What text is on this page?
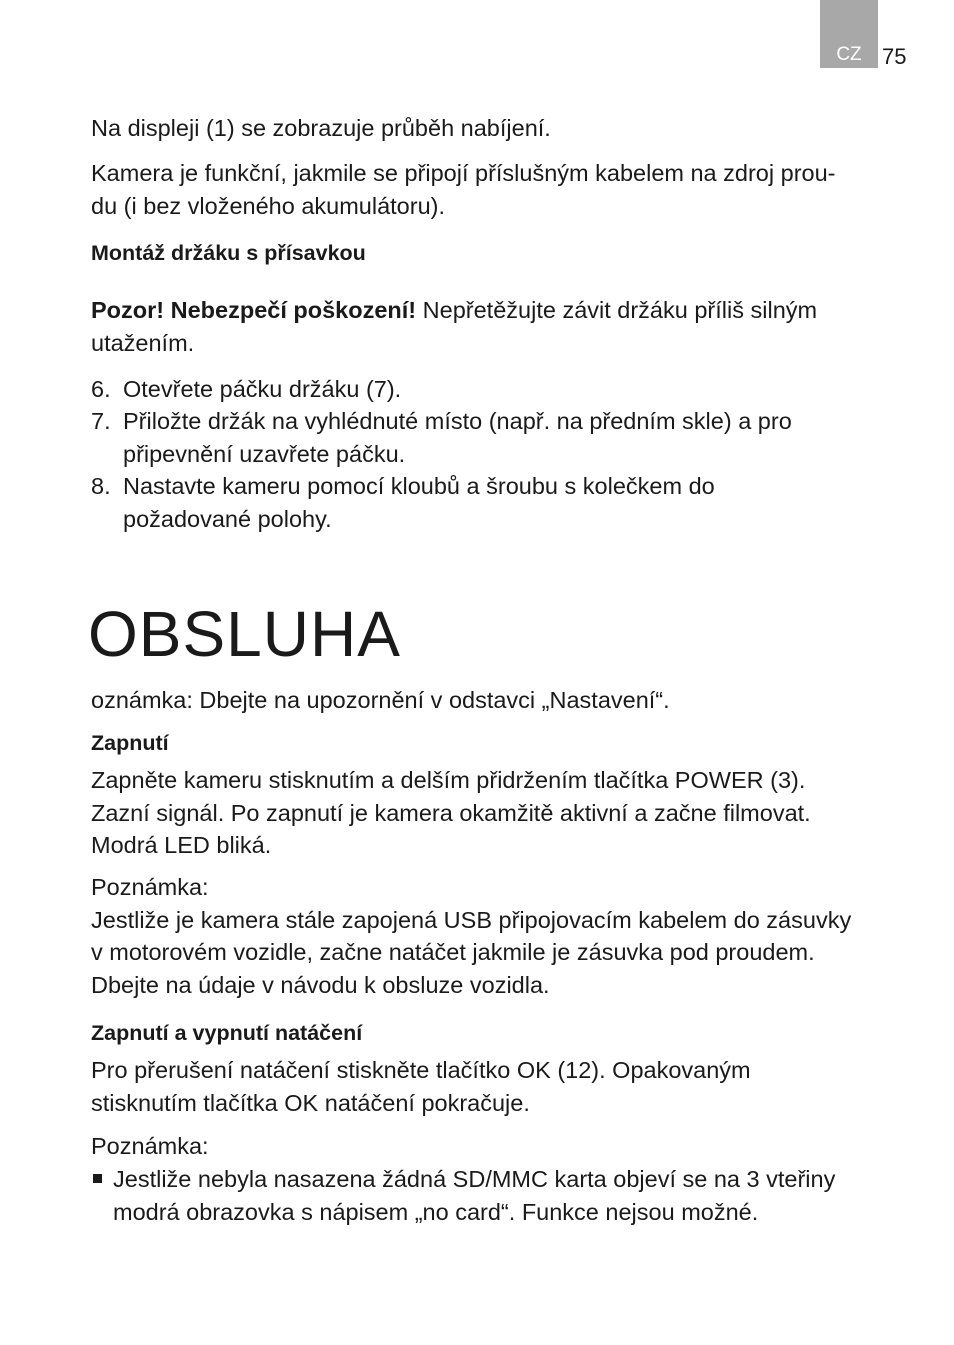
CZ 75

Na displeji (1) se zobrazuje průběh nabíjení.

Kamera je funkční, jakmile se připojí příslušným kabelem na zdroj prou-
du (i bez vloženého akumulátoru).

Montáž držáku s přísavkou

Pozor! Nebezpečí poškození! Nepřetěžujte závit držáku příliš silným
utažením.
6. Otevřete páčku držáku (7).
7. Přiložte držák na vyhlédnuté místo (např. na předním skle) a pro
připevnění uzavřete páčku.
8. Nastavte kameru pomocí kloubů a šroubu s kolečkem do
požadované polohy.
OBSLUHA

oznámka: Dbejte na upozornění v odstavci „Nastavení“.

Zapnutí

Zapněte kameru stisknutím a delším přidržením tlačítka POWER (3).
Zazní signál. Po zapnutí je kamera okamžitě aktivní a začne filmovat.
Modrá LED bliká.
Poznámka:
Jestliže je kamera stále zapojená USB připojovacím kabelem do zásuvky
v motorovém vozidle, začne natáčet jakmile je zásuvka pod proudem.
Dbejte na údaje v návodu k obsluze vozidla.

Zapnutí a vypnutí natáčení

Pro přerušení natáčení stiskněte tlačítko OK (12). Opakovaným
stisknutím tlačítka OK natáčení pokračuje.

Poznámka:

Jestliže nebyla nasazena žádná SD/MMC karta objeví se na 3 vteřiny
modrá obrazovka s nápisem „no card“. Funkce nejsou možné.
